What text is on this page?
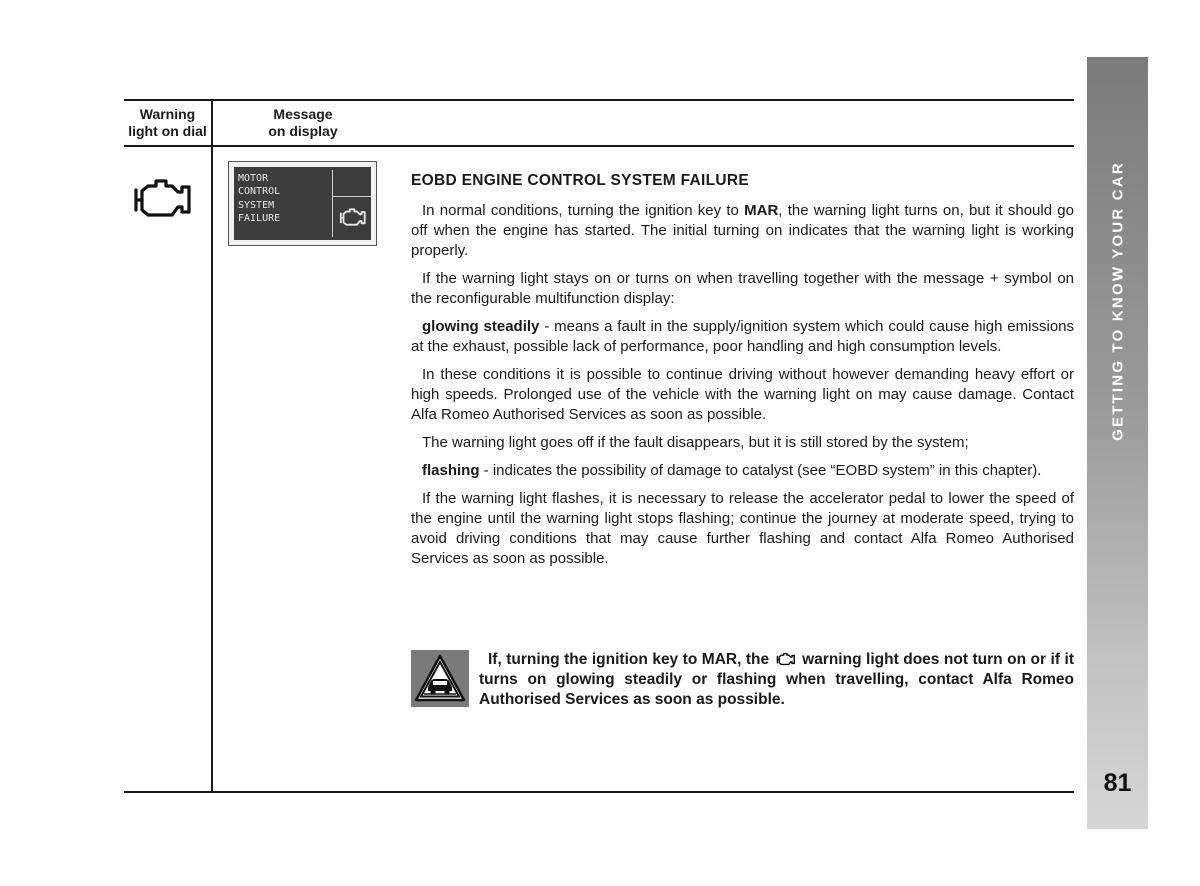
GETTING TO KNOW YOUR CAR
81
Warning
light on dial
Message
on display
MOTOR
CONTROL
SYSTEM
FAILURE
EOBD ENGINE CONTROL SYSTEM FAILURE

In normal conditions, turning the ignition key to MAR, the warning light turns on, but it should go off when the engine has started. The initial turning on indicates that the warning light is working properly.

If the warning light stays on or turns on when travelling together with the message + symbol on the reconfigurable multifunction display:

glowing steadily - means a fault in the supply/ignition system which could cause high emissions at the exhaust, possible lack of performance, poor handling and high consumption levels.

In these conditions it is possible to continue driving without however demanding heavy effort or high speeds. Prolonged use of the vehicle with the warning light on may cause damage. Contact Alfa Romeo Authorised Services as soon as possible.

The warning light goes off if the fault disappears, but it is still stored by the system;

flashing - indicates the possibility of damage to catalyst (see “EOBD system” in this chapter).

If the warning light flashes, it is necessary to release the accelerator pedal to lower the speed of the engine until the warning light stops flashing; continue the journey at moderate speed, trying to avoid driving conditions that may cause further flashing and contact Alfa Romeo Authorised Services as soon as possible.

If, turning the ignition key to MAR, the  warning light does not turn on or if it turns on glowing steadily or flashing when travelling, contact Alfa Romeo Authorised Services as soon as possible.
